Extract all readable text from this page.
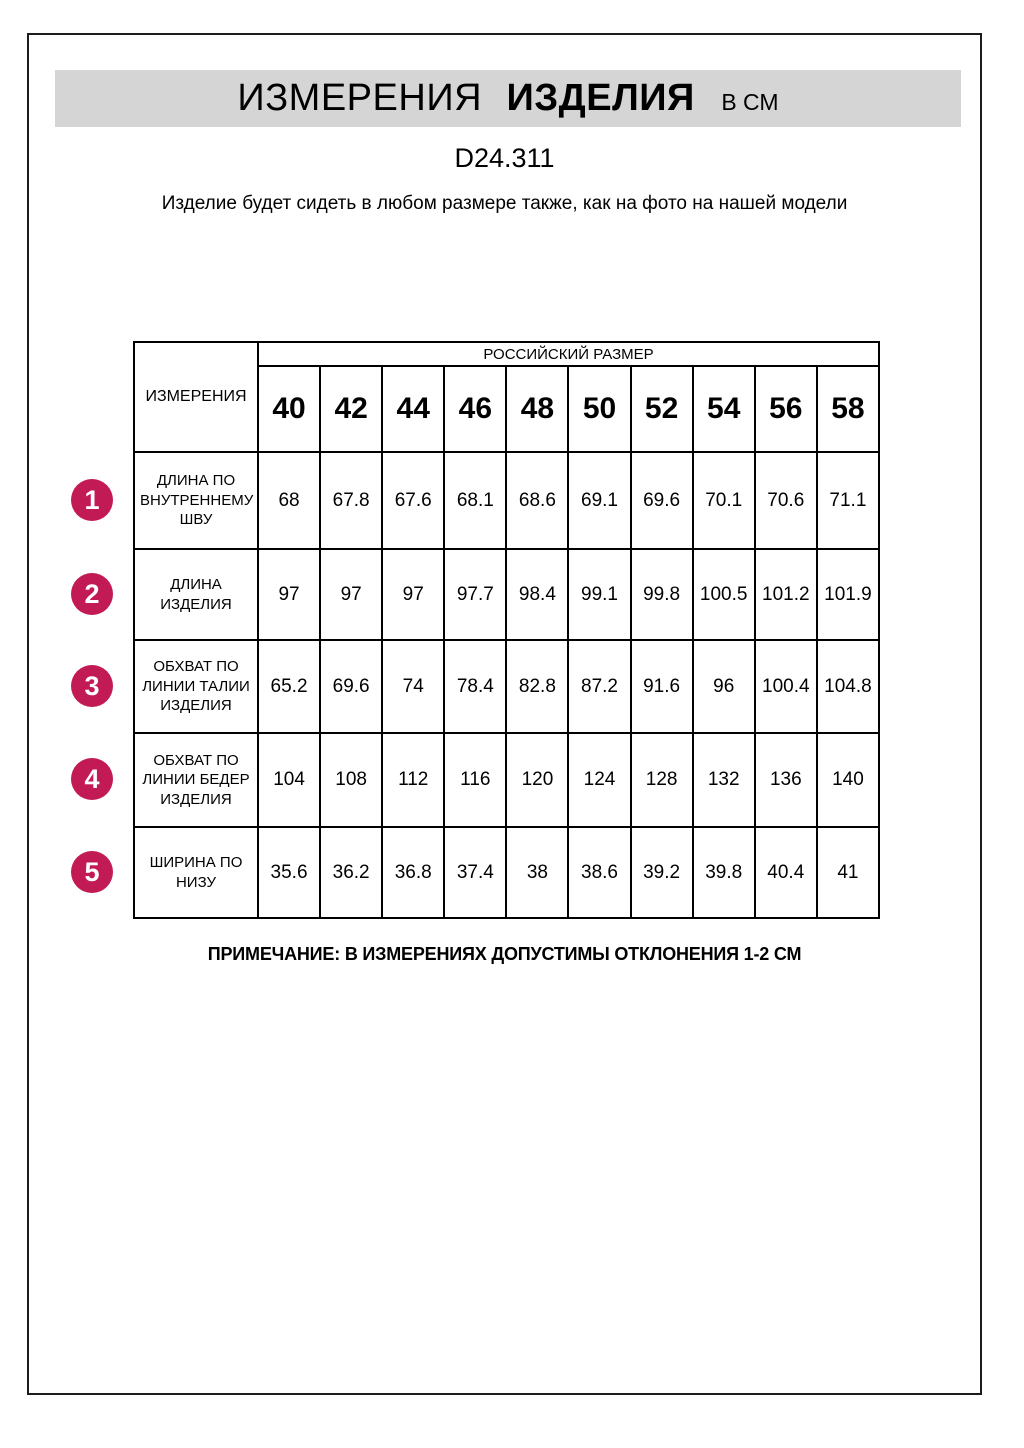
ИЗМЕРЕНИЯ ИЗДЕЛИЯ В СМ
D24.311
Изделие будет сидеть в любом размере также, как на фото на нашей модели
ИЗМЕРЕНИЯ	РОССИЙСКИЙ РАЗМЕР									
	40	42	44	46	48	50	52	54	56	58
ДЛИНА ПО ВНУТРЕННЕМУ ШВУ	68	67.8	67.6	68.1	68.6	69.1	69.6	70.1	70.6	71.1
ДЛИНА ИЗДЕЛИЯ	97	97	97	97.7	98.4	99.1	99.8	100.5	101.2	101.9
ОБХВАТ ПО ЛИНИИ ТАЛИИ ИЗДЕЛИЯ	65.2	69.6	74	78.4	82.8	87.2	91.6	96	100.4	104.8
ОБХВАТ ПО ЛИНИИ БЕДЕР ИЗДЕЛИЯ	104	108	112	116	120	124	128	132	136	140
ШИРИНА ПО НИЗУ	35.6	36.2	36.8	37.4	38	38.6	39.2	39.8	40.4	41
1
2
3
4
5
ПРИМЕЧАНИЕ: В ИЗМЕРЕНИЯХ ДОПУСТИМЫ ОТКЛОНЕНИЯ 1-2 СМ
